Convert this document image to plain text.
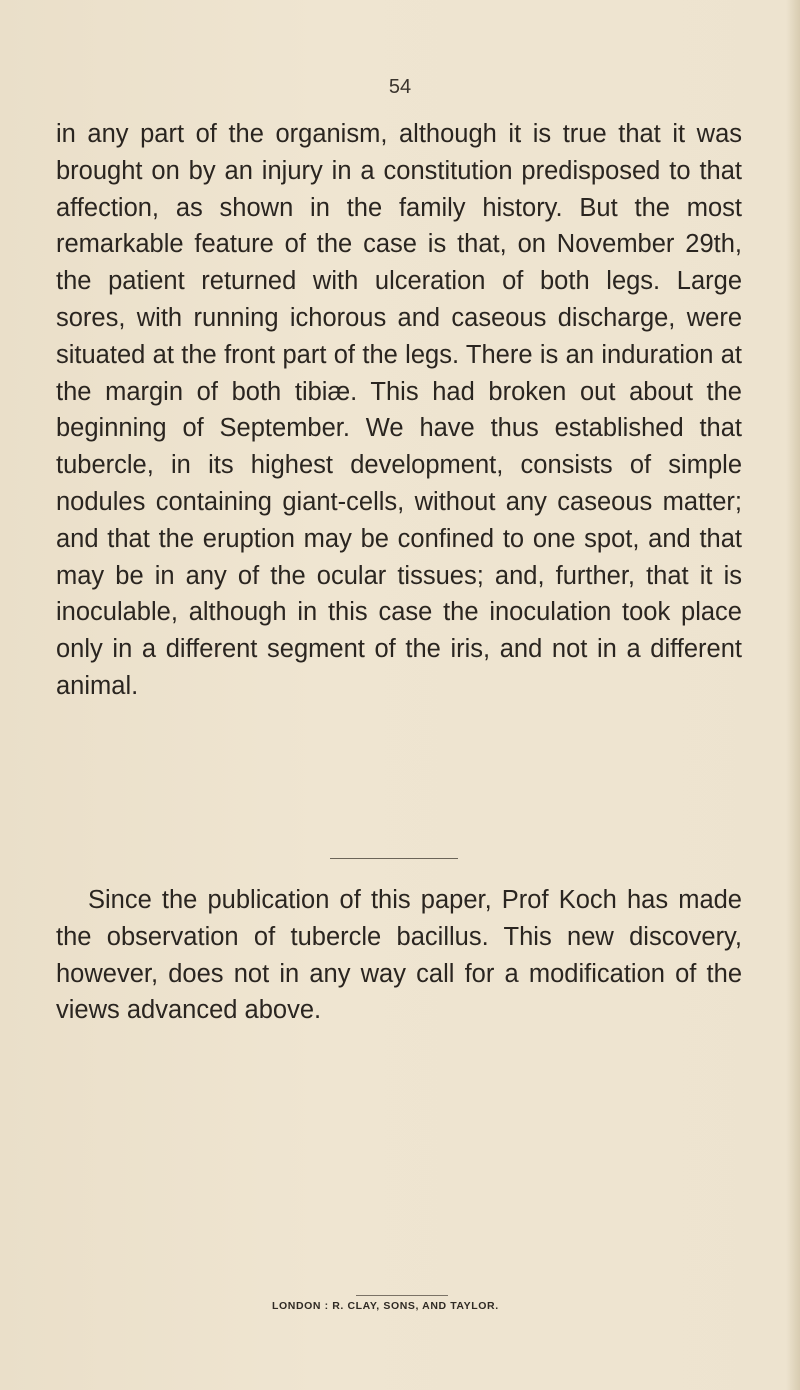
54

in any part of the organism, although it is true that it was brought on by an injury in a constitution predisposed to that affection, as shown in the family history. But the most remarkable feature of the case is that, on November 29th, the patient returned with ulceration of both legs. Large sores, with running ichorous and caseous discharge, were situated at the front part of the legs. There is an induration at the margin of both tibiæ. This had broken out about the beginning of September. We have thus established that tubercle, in its highest development, consists of simple nodules containing giant-cells, without any caseous matter; and that the eruption may be confined to one spot, and that may be in any of the ocular tissues; and, further, that it is inoculable, although in this case the inoculation took place only in a different segment of the iris, and not in a different animal.

Since the publication of this paper, Prof Koch has made the observation of tubercle bacillus. This new discovery, however, does not in any way call for a modification of the views advanced above.

LONDON : R. CLAY, SONS, AND TAYLOR.
